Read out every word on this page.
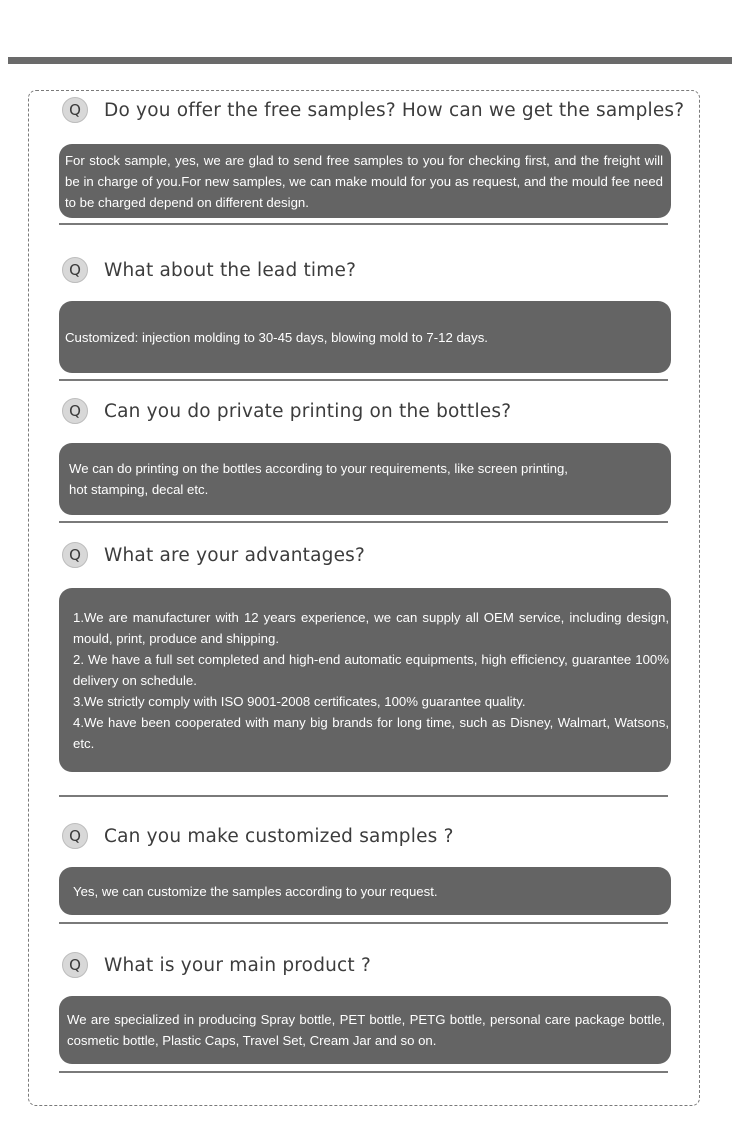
Q	Do you offer the free samples? How can we get the samples?

For stock sample, yes, we are glad to send free samples to you for checking first, and the freight will be in charge of you.For new samples, we can make mould for you as request, and the mould fee need to be charged depend on different design.

Q	What about the lead time?

Customized: injection molding to 30-45 days, blowing mold to 7-12 days.

Q	Can you do private printing on the bottles?

We can do printing on the bottles according to your requirements, like screen printing,

hot stamping, decal etc.

Q	What are your advantages?

1.We are manufacturer with 12 years experience, we can supply all OEM service, including design, mould, print, produce and shipping.

2. We have a full set completed and high-end automatic equipments, high efficiency, guarantee 100% delivery on schedule.

3.We strictly comply with ISO 9001-2008 certificates, 100% guarantee quality.

4.We have been cooperated with many big brands for long time, such as Disney, Walmart, Watsons, etc.

Q	Can you make customized samples ?

Yes, we can customize the samples according to your request.

Q	What is your main product ?

We are specialized in producing Spray bottle, PET bottle, PETG bottle, personal care package bottle, cosmetic bottle, Plastic Caps, Travel Set, Cream Jar and so on.
